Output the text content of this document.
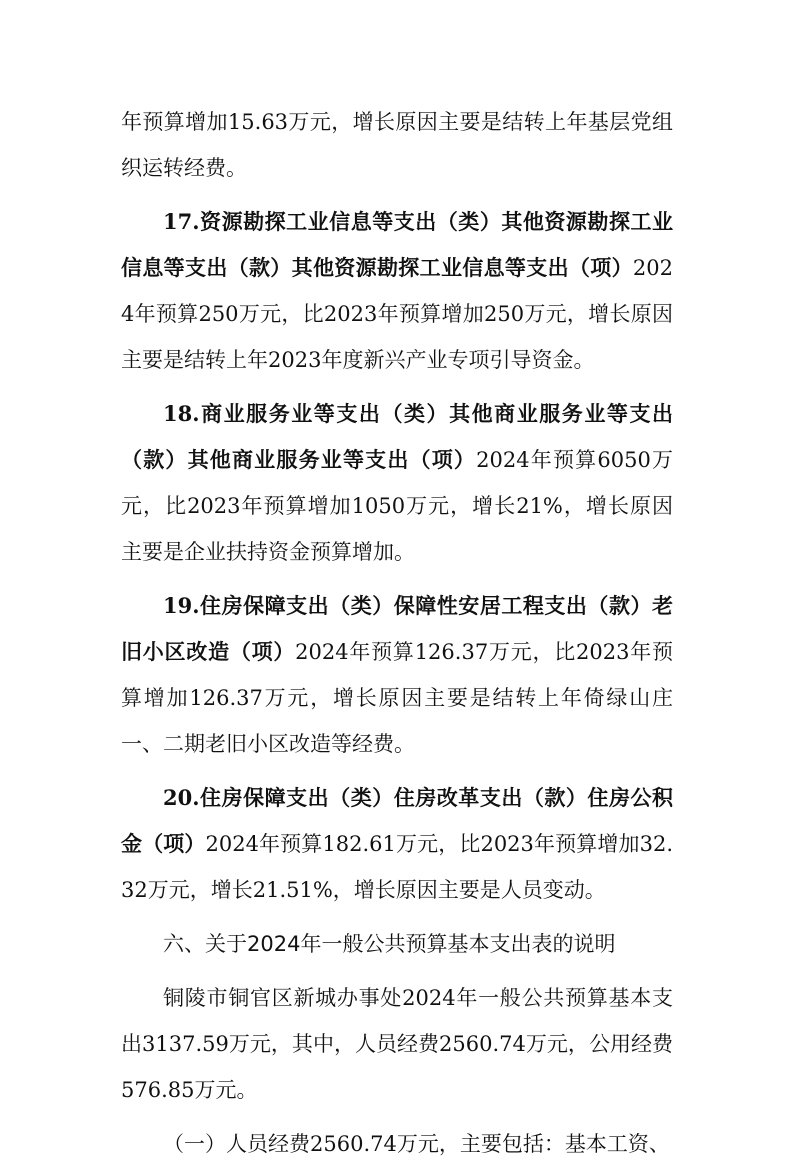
年预算增加15.63万元，增长原因主要是结转上年基层党组织运转经费。

17.资源勘探工业信息等支出（类）其他资源勘探工业信息等支出（款）其他资源勘探工业信息等支出（项）2024年预算250万元，比2023年预算增加250万元，增长原因主要是结转上年2023年度新兴产业专项引导资金。

18.商业服务业等支出（类）其他商业服务业等支出（款）其他商业服务业等支出（项）2024年预算6050万元，比2023年预算增加1050万元，增长21%，增长原因主要是企业扶持资金预算增加。

19.住房保障支出（类）保障性安居工程支出（款）老旧小区改造（项）2024年预算126.37万元，比2023年预算增加126.37万元，增长原因主要是结转上年倚绿山庄一、二期老旧小区改造等经费。

20.住房保障支出（类）住房改革支出（款）住房公积金（项）2024年预算182.61万元，比2023年预算增加32.32万元，增长21.51%，增长原因主要是人员变动。

六、关于2024年一般公共预算基本支出表的说明

铜陵市铜官区新城办事处2024年一般公共预算基本支出3137.59万元，其中，人员经费2560.74万元，公用经费576.85万元。

（一）人员经费2560.74万元，主要包括：基本工资、
